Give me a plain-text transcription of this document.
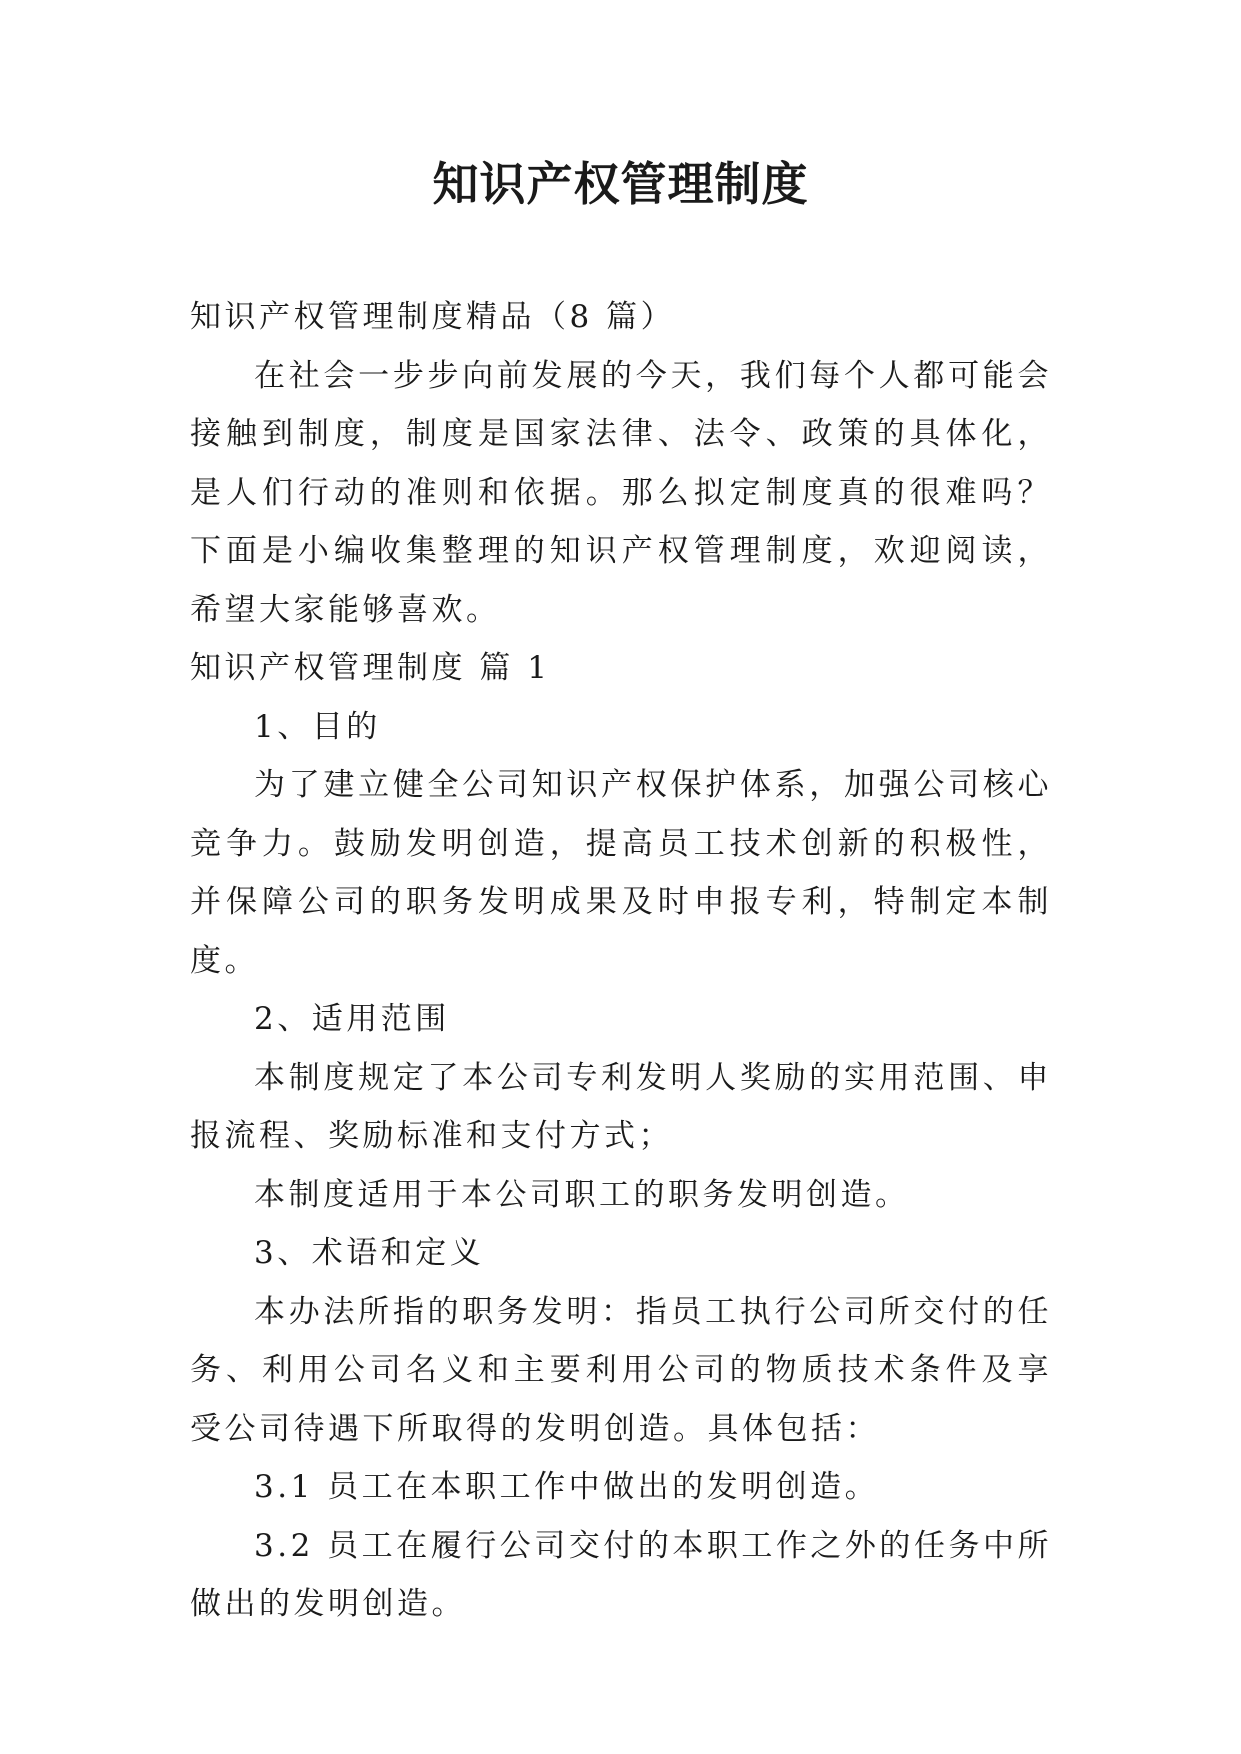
知识产权管理制度

知识产权管理制度精品（8 篇）

在社会一步步向前发展的今天，我们每个人都可能会接触到制度，制度是国家法律、法令、政策的具体化，是人们行动的准则和依据。那么拟定制度真的很难吗？下面是小编收集整理的知识产权管理制度，欢迎阅读，希望大家能够喜欢。

知识产权管理制度 篇 1

1、目的

为了建立健全公司知识产权保护体系，加强公司核心竞争力。鼓励发明创造，提高员工技术创新的积极性，并保障公司的职务发明成果及时申报专利，特制定本制度。

2、适用范围

本制度规定了本公司专利发明人奖励的实用范围、申报流程、奖励标准和支付方式；

本制度适用于本公司职工的职务发明创造。

3、术语和定义

本办法所指的职务发明：指员工执行公司所交付的任务、利用公司名义和主要利用公司的物质技术条件及享受公司待遇下所取得的发明创造。具体包括：

3.1 员工在本职工作中做出的发明创造。

3.2 员工在履行公司交付的本职工作之外的任务中所做出的发明创造。
